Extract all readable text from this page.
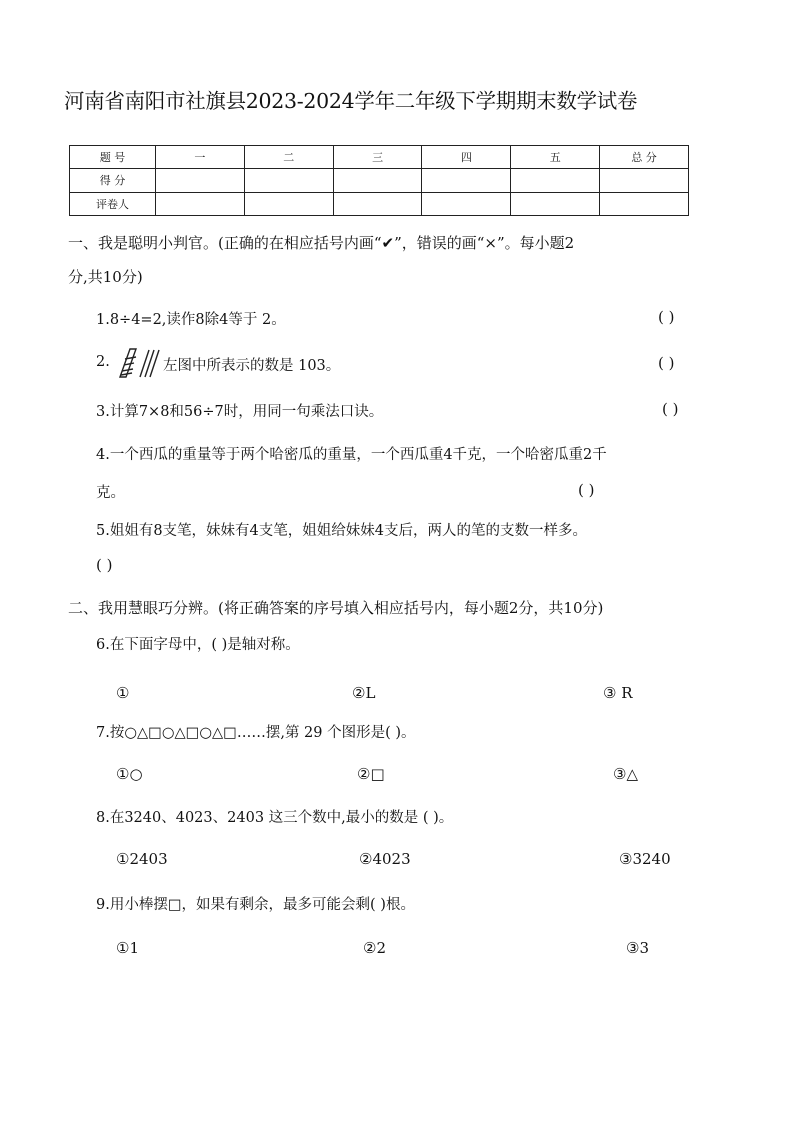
河南省南阳市社旗县2023-2024学年二年级下学期期末数学试卷
题 号	一	二	三	四	五	总 分
得 分						
评卷人						
一、我是聪明小判官。(正确的在相应括号内画“✔”，错误的画“×”。每小题2
分,共10分)
1.8÷4=2,读作8除4等于 2。	( )
2.	左图中所表示的数是 103。	( )
3.计算7×8和56÷7时，用同一句乘法口诀。	( )
4.一个西瓜的重量等于两个哈密瓜的重量，一个西瓜重4千克，一个哈密瓜重2千
克。	( )
5.姐姐有8支笔，妹妹有4支笔，姐姐给妹妹4支后，两人的笔的支数一样多。
( )
二、我用慧眼巧分辨。(将正确答案的序号填入相应括号内，每小题2分，共10分)
6.在下面字母中，( )是轴对称。
①	②L	③ R
7.按○△□○△□○△□……摆,第 29 个图形是( )。
①○	②□	③△
8.在3240、4023、2403 这三个数中,最小的数是 ( )。
①2403	②4023	③3240
9.用小棒摆□，如果有剩余，最多可能会剩( )根。
①1	②2	③3
